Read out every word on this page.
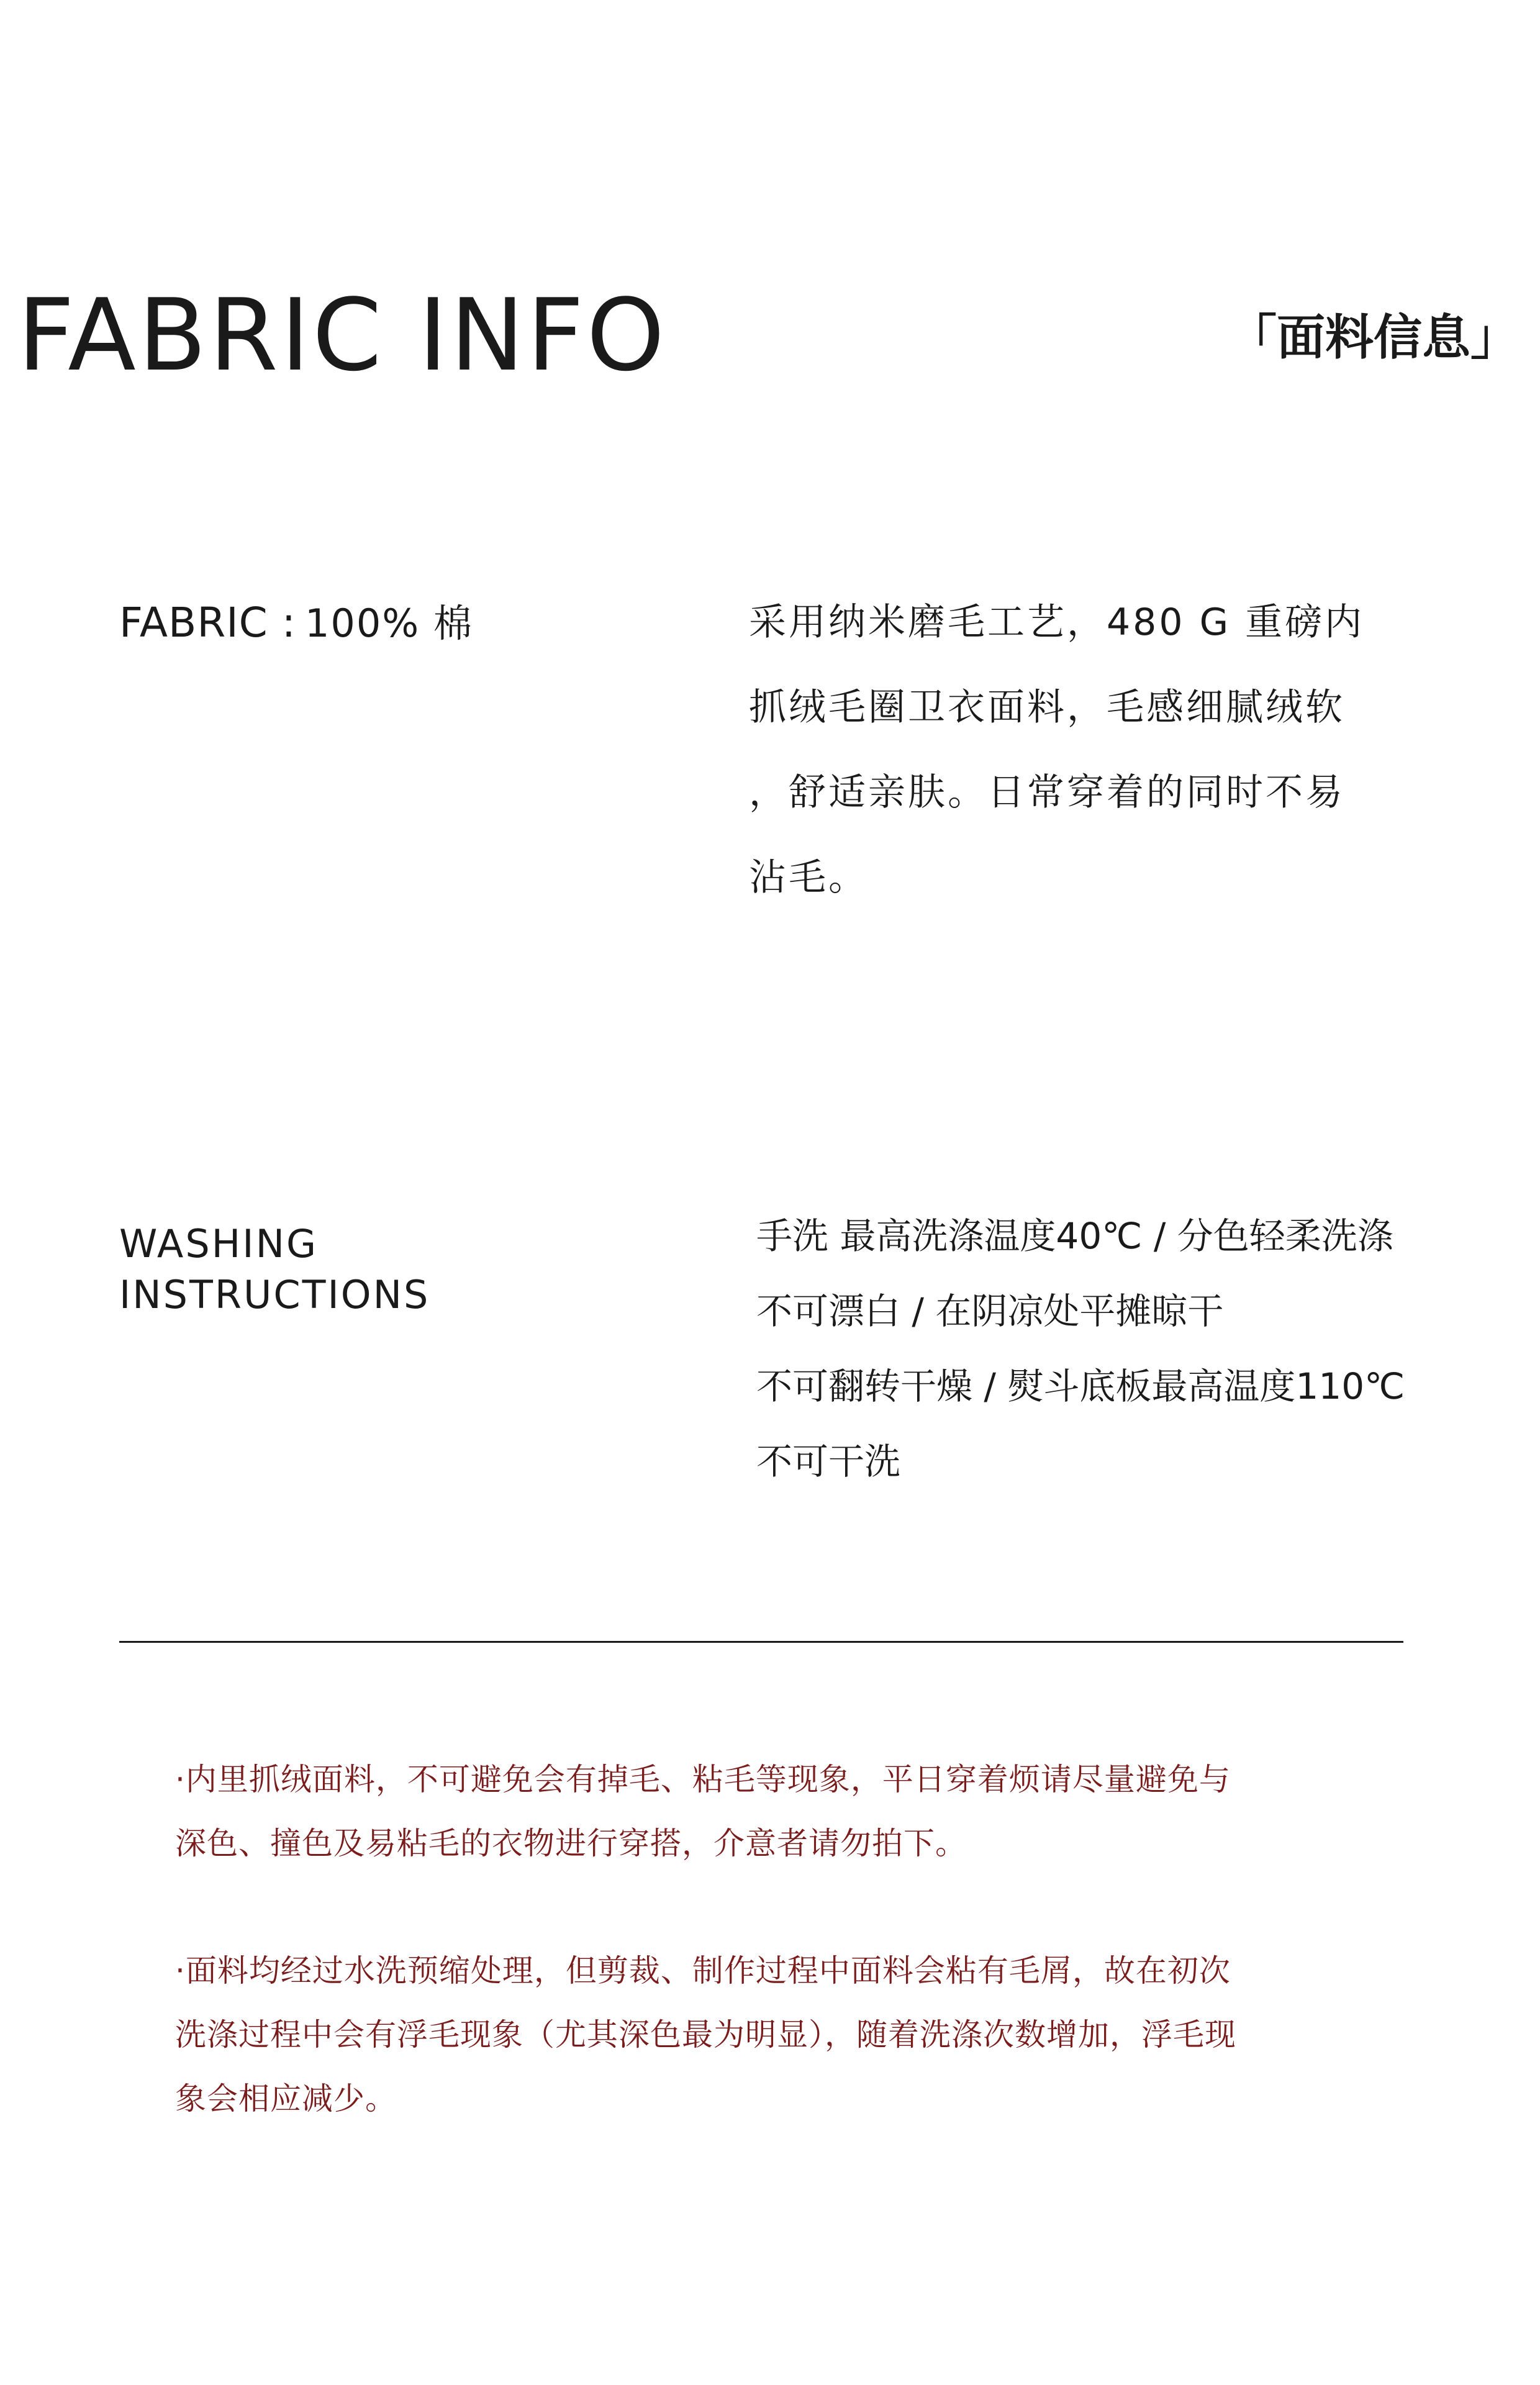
FABRIC INFO	「面料信息」
FABRIC : 100% 棉	采用纳米磨毛工艺，480 G 重磅内
抓绒毛圈卫衣面料，毛感细腻绒软
，舒适亲肤。日常穿着的同时不易
沾毛。
WASHING
INSTRUCTIONS
手洗 最高洗涤温度40℃ / 分色轻柔洗涤
不可漂白 / 在阴凉处平摊晾干
不可翻转干燥 / 熨斗底板最高温度110℃
不可干洗
·内里抓绒面料，不可避免会有掉毛、粘毛等现象，平日穿着烦请尽量避免与
深色、撞色及易粘毛的衣物进行穿搭，介意者请勿拍下。
·面料均经过水洗预缩处理，但剪裁、制作过程中面料会粘有毛屑，故在初次
洗涤过程中会有浮毛现象（尤其深色最为明显），随着洗涤次数增加，浮毛现
象会相应减少。
